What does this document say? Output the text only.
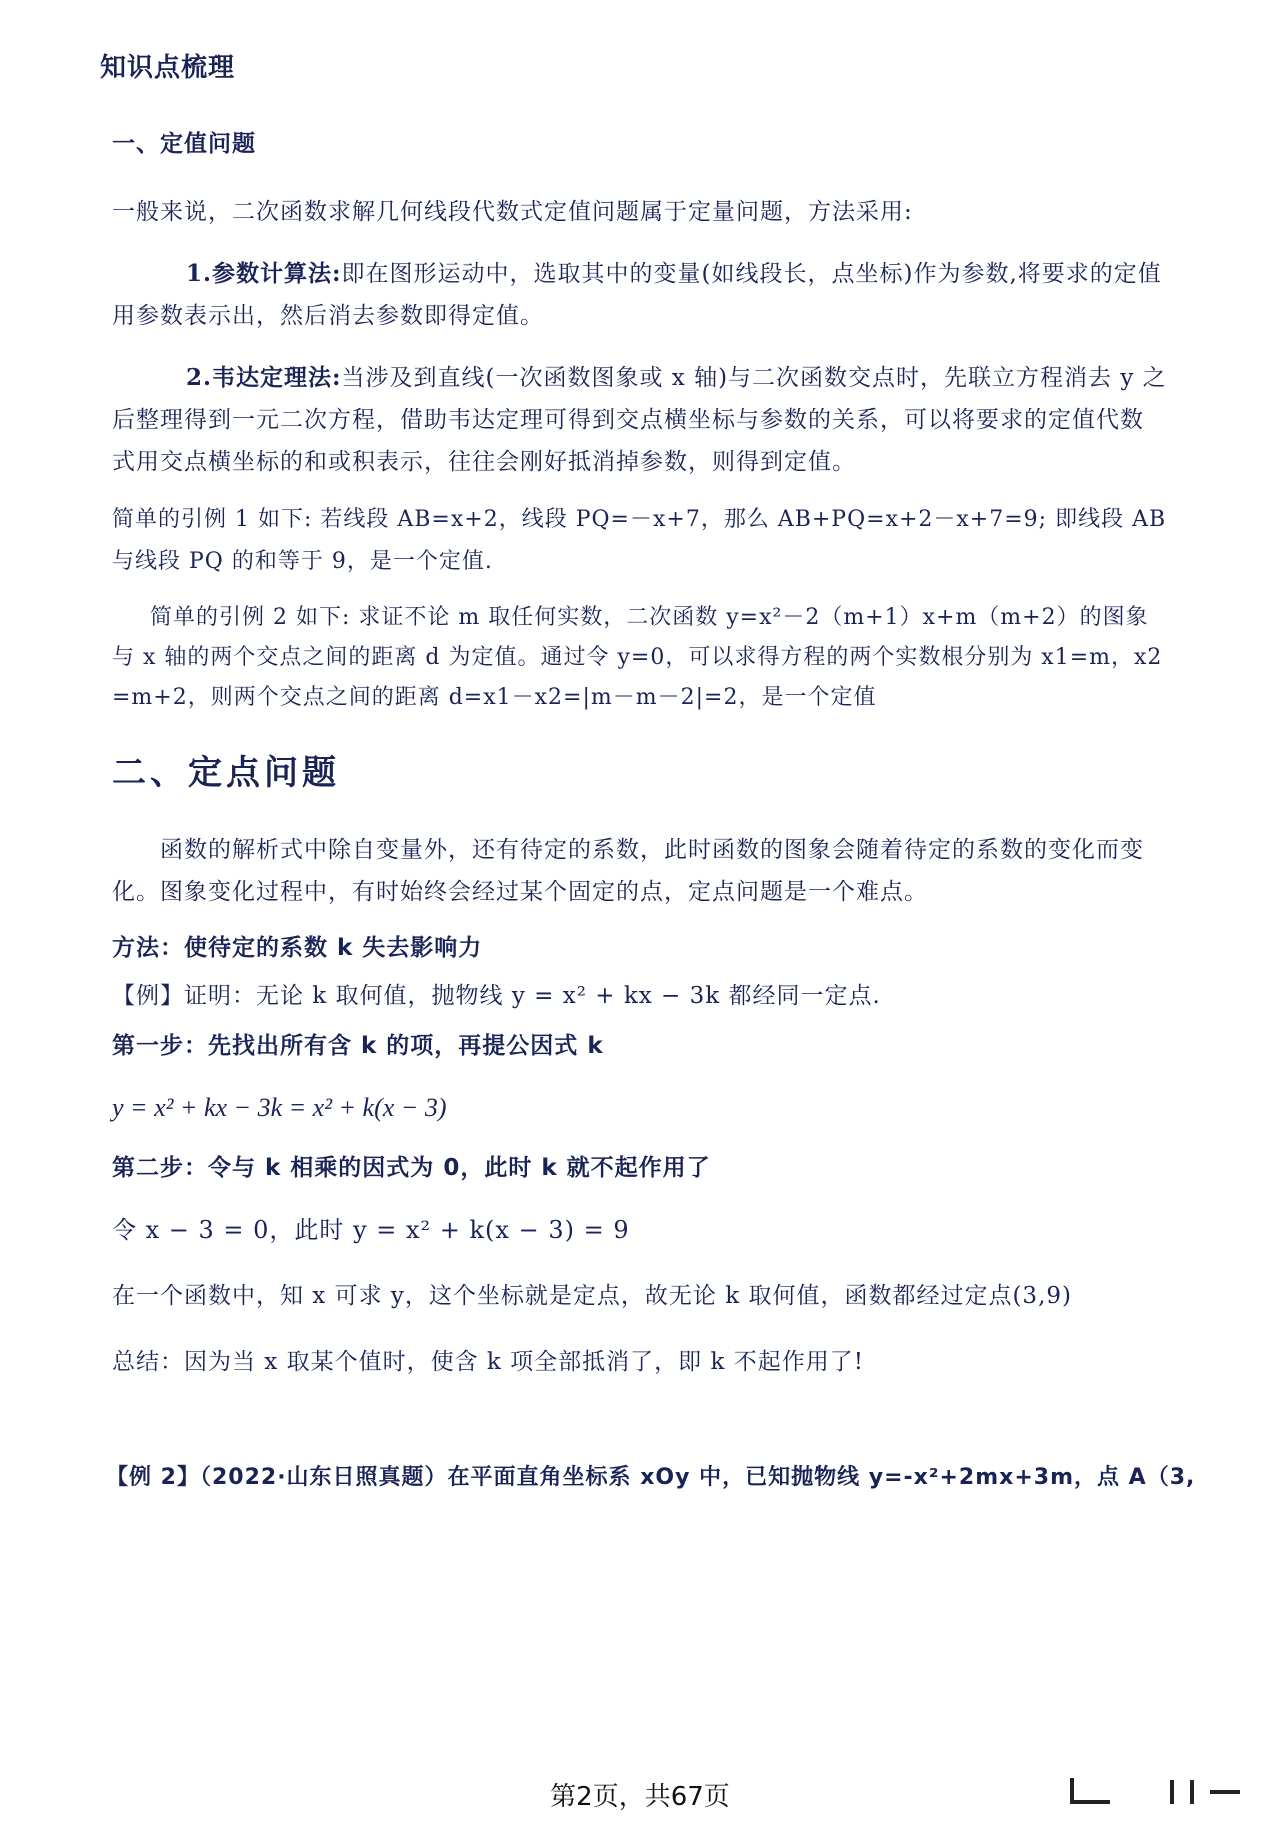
知识点梳理
一、定值问题
一般来说，二次函数求解几何线段代数式定值问题属于定量问题，方法采用:
1.参数计算法:即在图形运动中，选取其中的变量(如线段长，点坐标)作为参数,将要求的定值
用参数表示出，然后消去参数即得定值。
2.韦达定理法:当涉及到直线(一次函数图象或 x 轴)与二次函数交点时，先联立方程消去 y 之
后整理得到一元二次方程，借助韦达定理可得到交点横坐标与参数的关系，可以将要求的定值代数
式用交点横坐标的和或积表示，往往会刚好抵消掉参数，则得到定值。
简单的引例 1 如下: 若线段 AB=x+2，线段 PQ=－x+7，那么 AB+PQ=x+2－x+7=9; 即线段 AB
与线段 PQ 的和等于 9，是一个定值.
简单的引例 2 如下: 求证不论 m 取任何实数，二次函数 y=x²－2（m+1）x+m（m+2）的图象
与 x 轴的两个交点之间的距离 d 为定值。通过令 y=0，可以求得方程的两个实数根分别为 x1=m，x2
=m+2，则两个交点之间的距离 d=x1－x2=|m－m－2|=2，是一个定值
二、定点问题
函数的解析式中除自变量外，还有待定的系数，此时函数的图象会随着待定的系数的变化而变
化。图象变化过程中，有时始终会经过某个固定的点，定点问题是一个难点。
方法：使待定的系数 k 失去影响力
【例】证明：无论 k 取何值，抛物线 y = x² + kx − 3k 都经同一定点.
第一步：先找出所有含 k 的项，再提公因式 k
y = x² + kx − 3k = x² + k(x − 3)
第二步：令与 k 相乘的因式为 0，此时 k 就不起作用了
令 x − 3 = 0，此时 y = x² + k(x − 3) = 9
在一个函数中，知 x 可求 y，这个坐标就是定点，故无论 k 取何值，函数都经过定点(3,9)
总结：因为当 x 取某个值时，使含 k 项全部抵消了，即 k 不起作用了!
【例 2】（2022·山东日照真题）在平面直角坐标系 xOy 中，已知抛物线 y=-x²+2mx+3m，点 A（3,
第2页，共67页
